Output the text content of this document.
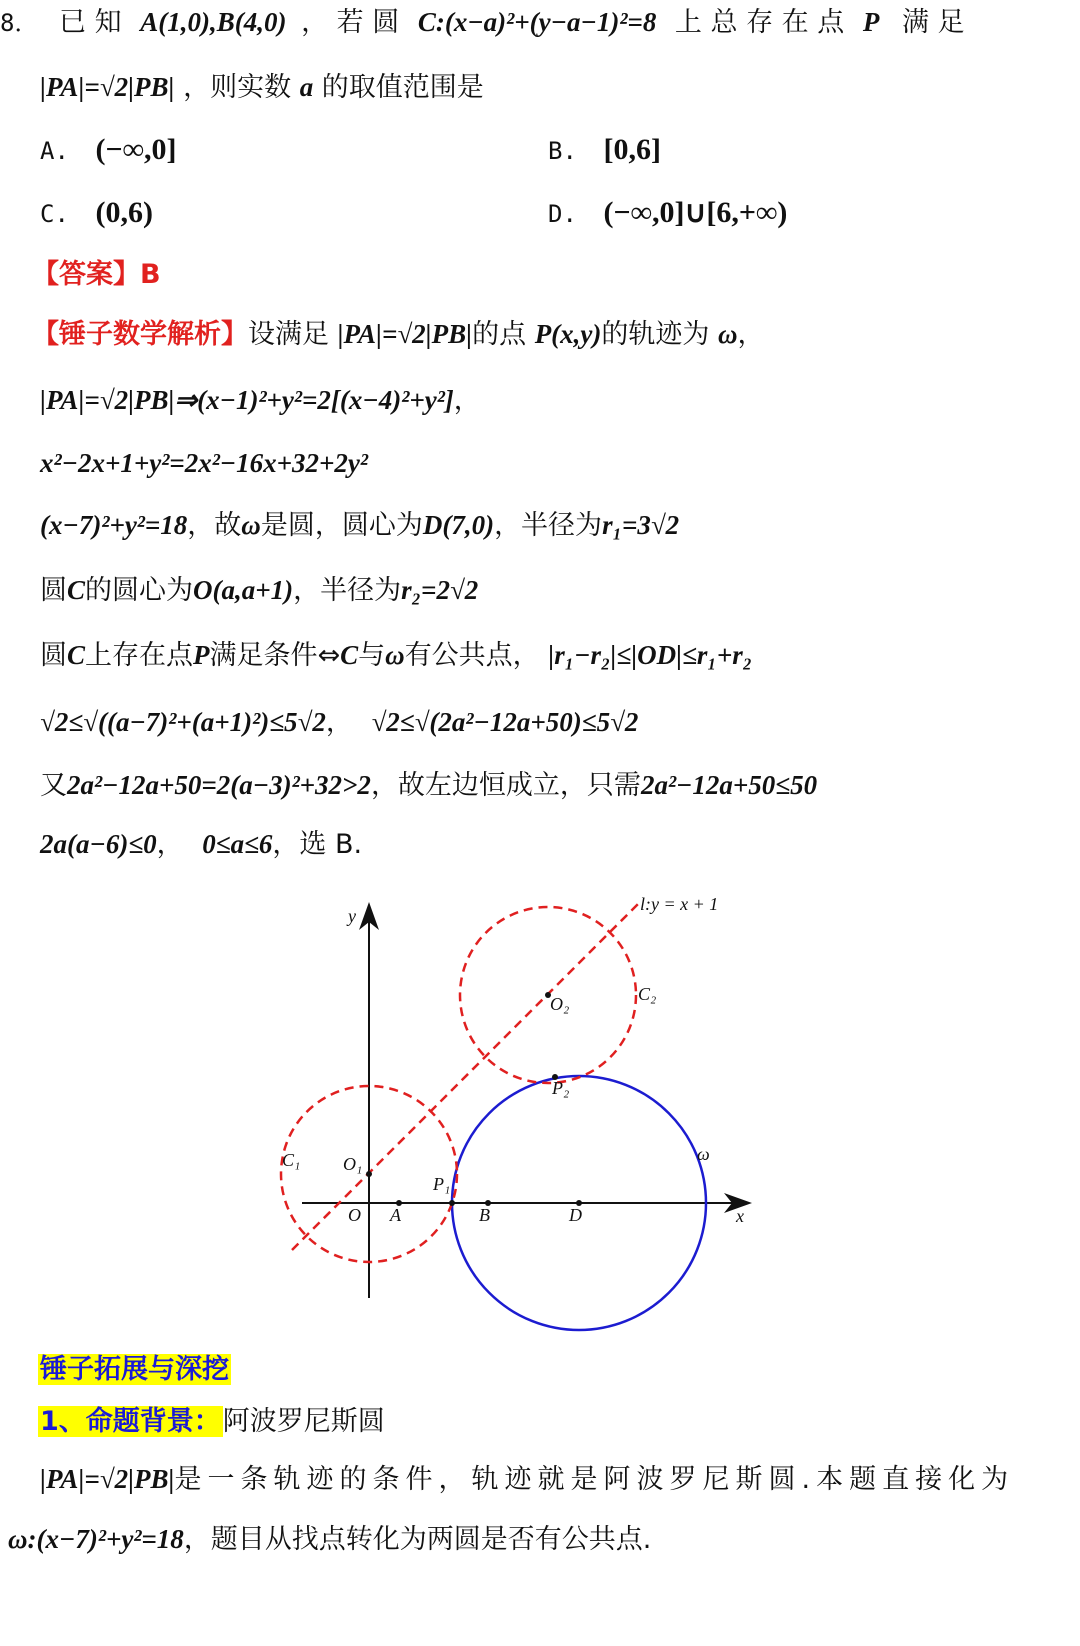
8． 已 知 A(1,0),B(4,0) ， 若 圆 C:(x−a)²+(y−a−1)²=8 上 总 存 在 点 P 满 足
|PA|=√2|PB| ，则实数 a 的取值范围是
A. (−∞,0]	B. [0,6]
C. (0,6)	D. (−∞,0]∪[6,+∞)
【答案】B
【锤子数学解析】设满足 |PA|=√2|PB|的点 P(x,y)的轨迹为 ω，
|PA|=√2|PB|⇒(x−1)²+y²=2[(x−4)²+y²]，
x²−2x+1+y²=2x²−16x+32+2y²
(x−7)²+y²=18，故ω是圆，圆心为D(7,0)，半径为r₁=3√2
圆C的圆心为O(a,a+1)，半径为r₂=2√2
圆C上存在点P满足条件⇔C与ω有公共点， |r₁−r₂|≤|OD|≤r₁+r₂
√2≤√((a−7)²+(a+1)²)≤5√2， √2≤√(2a²−12a+50)≤5√2
又2a²−12a+50=2(a−3)²+32>2，故左边恒成立，只需2a²−12a+50≤50
2a(a−6)≤0， 0≤a≤6，选 B.
l:y = x + 1
y
x
O A	B	D
C₁ O₁
P₁
C₂
O₂
P₂
ω
锤子拓展与深挖
1、命题背景：阿波罗尼斯圆
|PA|=√2|PB|是一条轨迹的条件，轨迹就是阿波罗尼斯圆.本题直接化为
ω:(x−7)²+y²=18，题目从找点转化为两圆是否有公共点.
